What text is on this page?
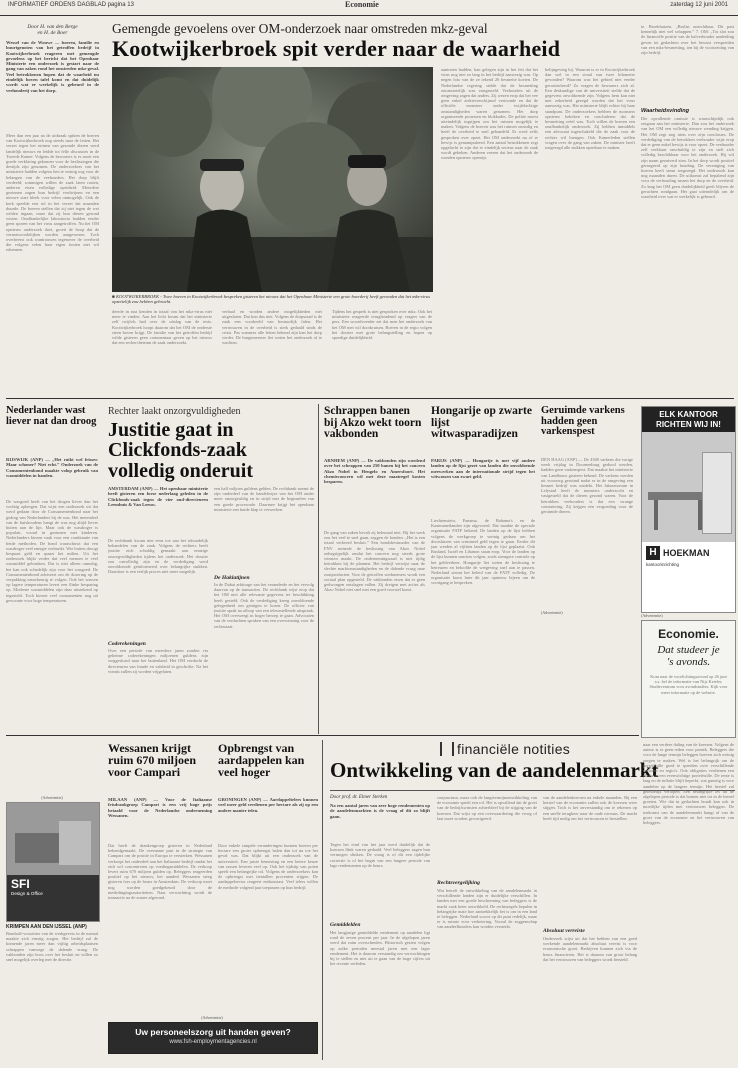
INFORMATIEF ORDENS DAGBLAD pagina 13	Economie	zaterdag 12 juni 2001
Door H. van den Berge
en H. de Boer
Wessel van de Wouwe — boeren, familie en buurtgenoten van het getroffen bedrijf in Kootwijkerbroek reageren met gemengde gevoelens op het bericht dat het Openbaar Ministerie een onderzoek is gestart naar de gang van zaken rond het omstreden mkz-geval. Veel betrokkenen hopen dat de waarheid nu eindelijk boven tafel komt en dat duidelijk wordt wat er werkelijk is gebeurd in de veehouderij van het dorp.
Meer dan een jaar na de uitbraak spitten de boeren van Kootwijkerbroek nog steeds naar de feiten. Het verzet tegen het ruimen van gezonde dieren werd landelijk nieuws en leidde tot felle discussies in de Tweede Kamer. Volgens de bewoners is er nooit een goede verklaring gekomen voor de beslissingen die destijds zijn genomen. De onderzoekers van het ministerie hadden volgens hen te weinig oog voor de belangen van de veehouders. Het dorp blijft verdeeld; sommigen willen de zaak laten rusten, anderen eisen volledige openheid. Meerdere gezinnen zagen hun bedrijf verdwijnen en een nieuwe start bleek voor velen onmogelijk. Ook de kerk speelde een rol in het verzet dat maanden duurde. De boeren stellen dat zij niet tegen de wet wilden ingaan, maar dat zij hun dieren gezond wisten. Onafhankelijke laboratoria hadden eerder geen sporen van het virus aangetroffen. Nu het OM opnieuw onderzoek doet, groeit de hoop dat de verantwoordelijken worden aangewezen. Toch overheerst ook wantrouwen tegenover de overheid die volgens velen haar eigen fouten niet wil erkennen.
Gemengde gevoelens over OM-onderzoek naar omstreden mkz-geval
Kootwijkerbroek spit verder naar de waarheid
■ KOOTWIJKERBROEK - Twee boeren in Kootwijkerbroek bespreken gisteren het nieuws dat het Openbaar Ministerie een grote boerderij heeft gevonden dat het mkz-virus opzettelijk zou hebben gebracht.
deerde in rust kenden in totaal van het mkz-virus niet meer te vinden. Aan het licht kwam dat het ministerie zelf twijfels had over de uitslag van de tests. Kootwijkerbroek hoopt daarom dat het OM de onderste steen boven krijgt. De familie van het getroffen bedrijf wilde gisteren geen commentaar geven op het nieuws dat een rechercheteam de zaak onderzoekt.
verbaal en worden andere mogelijkheden niet uitgesloten. Dat kon dus niet. Volgens de dorpsraad is de zaak een voorbeeld van bestuurlijk falen. Het vertrouwen in de overheid is sterk gedaald sinds de crisis. Pas wanneer alle feiten bekend zijn kan het dorp verder. De burgemeester liet weten het onderzoek af te wachten.
Tijdens het gesprek is niet gesproken over mkz. Ook het ministerie reageerde terughoudend op vragen van de pers. Een woordvoerder zei dat men het onderzoek van het OM niet wil doorkruisen. Boeren in de regio volgen het dossier met grote belangstelling en hopen op spoedige duidelijkheid.
aantonen hadden, kan gelegen zijn in het feit dat het virus nog niet zo lang in het bedrijf aanwezig was. Op negen foto van de ze tekend 26 besmette koeien. De Nederlandse regering stelde dat de besmetting onomstotelijk was vastgesteld. Veehouders uit de omgeving zagen dat anders. Zij wezen erop dat het vee geen enkel ziekteverschijnsel vertoonde en dat de officiële monsters onder twijfelachtige omstandigheden waren genomen. Het dorp organiseerde protesten en blokkades. De politie moest uiteindelijk ingrijpen om het ruimen mogelijk te maken. Volgens de boeren was het ruimen onnodig en heeft de overheid te snel gehandeld. Er werd zelfs gesproken over opzet. Het OM onderzoekt nu of er bewijs is gemanipuleerd. Een aantal betrokkenen zegt opgelucht te zijn dat er eindelijk serieus naar de zaak wordt gekeken. Anderen vrezen dat het onderzoek de wonden opnieuw openrijt.
kelijngeving bij. Waarom is er in Kootwijkerbroek dan wel in een straal van twee kilometer gevonden? Waarom was het gebied niet eerder gecontroleerd? Zo vragen de bewoners zich af. Een deskundige van de universiteit stelde dat de gegevens onvoldoende zijn. Volgens hem kan niet met zekerheid gezegd worden dat het virus aanwezig was. Het ministerie blijft echter bij haar standpunt. De onderzoekers hebben de monsters opnieuw bekeken en concluderen dat de besmetting reëel was. Toch willen de boeren een onafhankelijk onderzoek. Zij hebben inmiddels een advocaat ingeschakeld die de zaak voor de rechter wil brengen. Ook Kamerleden stellen vragen over de gang van zaken. De minister heeft toegezegd alle stukken openbaar te maken.
te. Broekhuizen. „Beslist onzichtbaar. Dit past kennelijk niet wel schappen.” 7. OM: „Tot slot zou de financiële positie van de kalverhouder aanleiding geven tot gedachten over het bewust verspreiden van een mkz-besmetting, ten bij de voortzetting van zijn bedrijf.
Waarheidsvinding
Die opvallende omissie is waarschijnlijk ook ontgaan aan het ministerie. Dan zou het onderzoek van het OM een volledig nieuwe wending krijgen. Het OM zegt nog niets over zijn conclusies. De verdediging van de betrokken veehouder wijst erop dat er geen enkel bewijs is voor opzet. De veehouder zelf verklaart onschuldig te zijn en stelt zich volledig beschikbaar voor het onderzoek. Hij wil zijn naam gezuiverd zien. In het dorp wordt positief gereageerd op zijn houding. De vereniging van boeren heeft steun toegezegd. Het onderzoek kan nog maanden duren. De uitkomst zal bepalend zijn voor de verhouding tussen het dorp en de overheid. Zo lang het OM geen duidelijkheid geeft blijven de geruchten rondgaan. Het gaat uiteindelijk om de waarheid over wat er werkelijk is gebeurd.
Nederlander wast liever nat dan droog
RIJSWIJK (ANP) — „Het ruikt wel frisser. Maar schoner? Niet echt.” Onderzoek van de Consumentenbond maakte volop gebruik van wasmiddelen in handen.
De wasgoed heeft van het drogen liever dan het vochtig opbergen. Dat wijst een onderzoek uit dat werd gedaan door de Consumentenbond naar het gedrag van Nederlanders bij de was. Het merendeel van de huishoudens hangt de was nog altijd liever buiten aan de lijn. Maar ook de wasdroger is populair, vooral in gezinnen met kinderen. Nederlanders kiezen vaak voor een combinatie van beide methoden. De bond waarschuwt dat een wasdroger veel energie verbruikt. Wie buiten droogt bespaart geld en spaart het milieu. Uit het onderzoek blijkt verder dat veel mensen te veel wasmiddel gebruiken. Dat is niet alleen onnodig, het kan ook schadelijk zijn voor het wasgoed. De Consumentenbond adviseert om de dosering op de verpakking nauwkeurig te volgen. Ook het wassen op lagere temperaturen levert een flinke besparing op. Moderne wasmiddelen zijn daar uitstekend op ingesteld. Toch kiezen veel consumenten nog uit gewoonte voor hoge temperaturen.
(Advertentie)
SFI
Design & Office
KRIMPEN AAN DEN IJSSEL (ANP)
Bomhoff-voorzitter van de werkgevers in de metaal maakte zich ernstig zorgen. Het bedrijf zal de komende jaren meer dan vijftig arbeidsplaatsen schrappen vanwege de dalende vraag. De vakbonden zijn boos over het besluit en willen zo snel mogelijk overleg met de directie.
Rechter laakt onzorgvuldigheden
Justitie gaat in Clickfonds-zaak volledig onderuit
AMSTERDAM (ANP) — Het openbaar ministerie heeft gisteren een forse nederlaag geleden in de Clickfonds-zaak tegen de vier oud-directeuren Leemhuis & Van Leeuw.
De rechtbank kwam niet eens toe aan het inhoudelijk behandelen van de zaak. Volgens de rechters heeft justitie zich schuldig gemaakt aan ernstige onzorgvuldigheden tijdens het onderzoek. Het dossier zou onvolledig zijn en de verdediging werd onvoldoende geïnformeerd over belangrijke stukken. Daardoor is een eerlijk proces niet meer mogelijk.
Coderekeningen
Over een periode van meerdere jaren zouden via geheime coderekeningen miljoenen guldens zijn weggesluisd naar het buitenland. Het OM verdacht de directeuren van fraude en valsheid in geschrifte. Na het vonnis zullen zij worden vrijgelaten.
een half miljoen guldens gelden. De rechtbank noemt de zijn onderdeel van de handelwijze van het OM onder meer onzorgvuldig en in strijd met de beginselen van een goede procesorde. Daarmee krijgt het openbaar ministerie een harde klap te verwerken.
De Haklatijnen
In de Dubai arbitrage van het veranderde en het vervolg daarvan op de transacties. De rechtbank wijst erop dat het OM niet alle relevante gegevens ter beschikking heeft gesteld. Ook de verdediging kreeg onvoldoende gelegenheid om getuigen te horen. De officier van justitie sprak na afloop van een teleurstellende uitspraak. Het OM overweegt in hoger beroep te gaan. Advocaten van de verdachten spraken van een overwinning voor de rechtsstaat.
Schrappen banen bij Akzo wekt toorn vakbonden
ARNHEM (ANP) — De vakbonden zijn woedend over het schrappen van 250 banen bij het concern Akzo Nobel in Hengelo en Amersfoort. Het chemieconcern wil met deze maatregel kosten besparen.
De gang van zaken bevalt zij helemaal niet. Bij het werk zou het veel te snel gaan, zeggen de bonden. „Het is een totaal verkeerd besluit.” Een bondsbestuurder van de FNV noemde de beslissing van Akzo Nobel onbegrijpelijk omdat het concern nog steeds grote winsten maakt. De ondernemingsraad is niet tijdig betrokken bij de plannen. Het bedrijf verwijst naar de slechte marktomstandigheden en de dalende vraag naar zoutproducten. Voor de getroffen werknemers wordt een sociaal plan opgesteld. De vakbonden eisen dat er geen gedwongen ontslagen vallen. Zij dreigen met acties als Akzo Nobel niet snel met een goed voorstel komt.
Hongarije op zwarte lijst witwasparadijzen
PARIJS (ANP) — Hongarije is met vijf andere landen op de lijst gezet van landen die onvoldoende meewerken aan de internationale strijd tegen het witwassen van zwart geld.
Liechtenstein, Panama, de Bahama's en de Kaaimaneilanden zijn afgevoerd. Dat maakte de speciale organisatie FATF bekend. De landen op de lijst hebben volgens de werkgroep te weinig gedaan om het doorsluizen van crimineel geld tegen te gaan. Eerder dit jaar werden al vijftien landen op de lijst geplaatst. Ook Rusland, Israël en Libanon staan erop. Voor de landen op de lijst kunnen sancties volgen, zoals strengere controle op het geldverkeer. Hongarije liet weten de beslissing te betreuren en beloofde de wetgeving snel aan te passen. Nederland steunt het beleid van de FATF volledig. De organisatie komt later dit jaar opnieuw bijeen om de voortgang te bespreken.
Geruimde varkens hadden geen varkenspest
DEN HAAG (ANP) — De 4300 varkens die vorige week vrijdag in Doornenburg gedood werden, hadden geen varkenspest. Dat maakte het ministerie van Landbouw gisteren bekend. De varkens werden uit voorzorg geruimd nadat er in de omgeving een besmet bedrijf was ontdekt. Het laboratorium in Lelystad heeft de monsters onderzocht en vastgesteld dat de dieren gezond waren. Voor de betrokken veehouders is dat een wrange constatering. Zij krijgen een vergoeding voor de geruimde dieren.
(Advertentie)
ELK KANTOOR
RICHTEN WIJ IN!
H HOEKMAN
kantoorinrichting
(Advertentie)
Economie.
Dat studeer je
's avonds.
Kom naar de voorlichtingsavond op 26 juni a.s. bel de informatie van Nijs Keteler, Studiecentrum voor avondstudies. Kijk voor meer informatie op de website.
Wessanen krijgt ruim 670 miljoen voor Campari
MILAAN (ANP) — Voor de Italiaanse frisdrankgroep Campari is een vrij hoge prijs betaald voor de Nederlandse onderneming Wessanen.
Dat heeft de drankengroep gisteren in Nederland bekendgemaakt. De overname past in de strategie van Campari om de positie in Europa te versterken. Wessanen verkoopt het onderdeel aan het Italiaanse bedrijf omdat het zich wil concentreren op voedingsmiddelen. De verkoop levert ruim 670 miljoen gulden op. Beleggers reageerden positief op het nieuws; het aandeel Wessanen steeg gisteren fors op de beurs in Amsterdam. De verkoop moet nog worden goedgekeurd door de mededingingsautoriteiten. Naar verwachting wordt de transactie na de zomer afgerond.
Opbrengst van aardappelen kan veel hoger
GRONINGEN (ANP) — Aardappeltelers kunnen veel meer geld verdienen per hectare als zij op een andere manier telen.
Door enkele simpele veranderingen kunnen boeren per hectare een groter opbrengst halen dan tot nu toe het geval was. Dat blijkt uit een onderzoek van de universiteit. Een juiste bemesting en een betere keuze van rassen leveren veel op. Ook het tijdstip van poten speelt een belangrijke rol. Volgens de onderzoekers kan de opbrengst met tientallen procenten stijgen. De aardappelsector reageert enthousiast. Veel telers willen de methode volgend jaar toepassen op hun bedrijf.
(Advertentie)
Uw personeelszorg uit handen geven?
www.fsh-employmentagencies.nl
financiële notities
Ontwikkeling van de aandelenmarkt
Door prof. dr. Elmer Sterken
Na een aantal jaren van zeer hoge rendementen op de aandelenmarkten is de vraag of dit zo blijft gaan.
Tegen het eind van het jaar werd duidelijk dat de koersen flink waren gedaald. Veel beleggers zagen hun vermogen slinken. De vraag is of dit een tijdelijke correctie is of het begin van een langere periode van lage rendementen op de beurs.
Gemiddelden
Het langjarige gemiddelde rendement op aandelen ligt rond de zeven procent per jaar. In de afgelopen jaren werd dat ruim overschreden. Historisch gezien volgen op zulke perioden meestal jaren met een lager rendement. Het is daarom verstandig om verwachtingen bij te stellen en niet uit te gaan van de hoge cijfers uit het recente verleden.
conjunctuur, maar ook de langetermijnontwikkeling van de economie speelt een rol. Het is opvallend dat de groei van de bedrijfswinsten achterbleef bij de stijging van de koersen. Dat wijst op een overwaardering die vroeg of laat moet worden gecorrigeerd.
Rechtsvergelijking
Wat betreft de ontwikkeling van de aandelenmarkt in verschillende landen zijn er duidelijke verschillen. In landen met een goede bescherming van beleggers is de markt vaak beter ontwikkeld. De rechtsregels bepalen in belangrijke mate hoe aantrekkelijk het is om in een land te beleggen. Nederland scoort op dit punt redelijk, maar er is ruimte voor verbetering. Vooral de zeggenschap van aandeelhouders kan worden versterkt.
van de aandelenkoersen na enkele maanden. Bij een herstel van de economie zullen ook de koersen weer stijgen. Toch is het onverstandig om te rekenen op een snelle terugkeer naar de oude niveaus. De markt heeft tijd nodig om het vertrouwen te herstellen.
Absoluut verreiste
Onderzoek wijst uit dat het hebben van een goed werkende aandelenmarkt absoluut vereist is voor economische groei. Bedrijven kunnen zich via de beurs financieren. Het is daarom van groot belang dat het vertrouwen van beleggers wordt hersteld.
naar een verdere daling van de koersen. Volgens de auteur is er geen reden voor paniek. Beleggers die voor de lange termijn beleggen hoeven zich weinig zorgen te maken. Wel is het belangrijk om de portefeuille goed te spreiden over verschillende sectoren en regio's. Ook obligaties verdienen een plaats in een evenwichtige portefeuille. De rente is laag en de inflatie blijft beperkt, wat gunstig is voor aandelen op de langere termijn. Het herstel zal geleidelijk verlopen. Een belangrijke les uit de afgelopen periode is dat bomen niet tot in de hemel groeien. Wie dat in gedachten houdt kan ook in moeilijke tijden met vertrouwen beleggen. De toekomst van de aandelenmarkt hangt af van de groei van de economie en het vertrouwen van beleggers.
